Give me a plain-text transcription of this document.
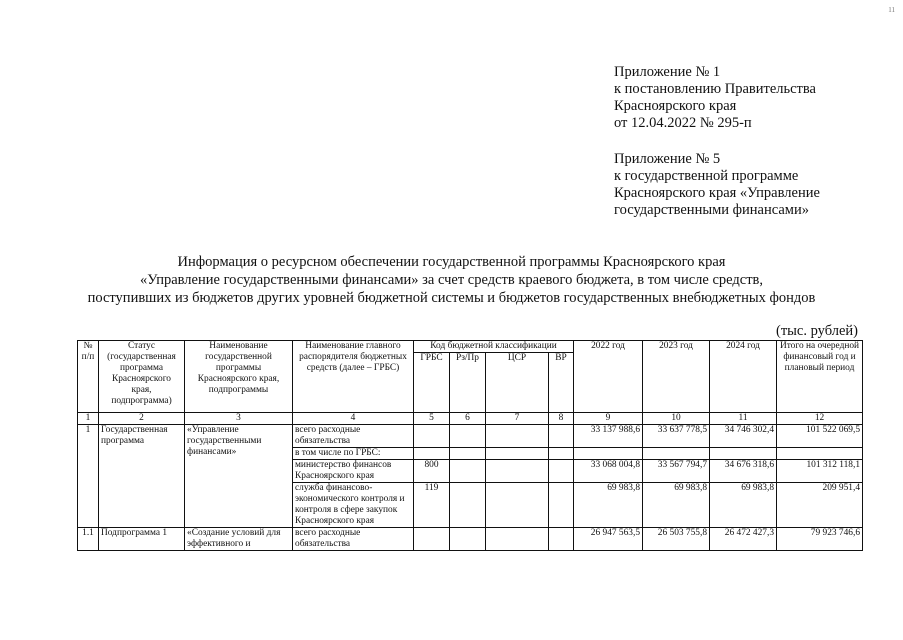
11
Приложение № 1
к постановлению Правительства
Красноярского края
от 12.04.2022 № 295-п
Приложение № 5
к государственной программе
Красноярского края «Управление
государственными финансами»
Информация о ресурсном обеспечении государственной программы Красноярского края
«Управление государственными финансами» за счет средств краевого бюджета, в том числе средств,
поступивших из бюджетов других уровней бюджетной системы и бюджетов государственных внебюджетных фондов
(тыс. рублей)
№ п/п	Статус (государственная программа Красноярского края, подпрограмма)	Наименование государственной программы Красноярского края, подпрограммы	Наименование главного распорядителя бюджетных средств (далее – ГРБС)	Код бюджетной классификации				2022 год	2023 год	2024 год	Итого на очередной финансовый год и плановый период
				ГРБС	Рз/Пр	ЦСР	ВР				
1	2	3	4	5	6	7	8	9	10	11	12
1	Государственная программа	«Управление государственными финансами»	всего расходные обязательства					33 137 988,6	33 637 778,5	34 746 302,4	101 522 069,5
			в том числе по ГРБС:								
			министерство финансов Красноярского края	800				33 068 004,8	33 567 794,7	34 676 318,6	101 312 118,1
			служба финансово-экономического контроля и контроля в сфере закупок Красноярского края	119				69 983,8	69 983,8	69 983,8	209 951,4
1.1	Подпрограмма 1	«Создание условий для эффективного и	всего расходные обязательства					26 947 563,5	26 503 755,8	26 472 427,3	79 923 746,6
